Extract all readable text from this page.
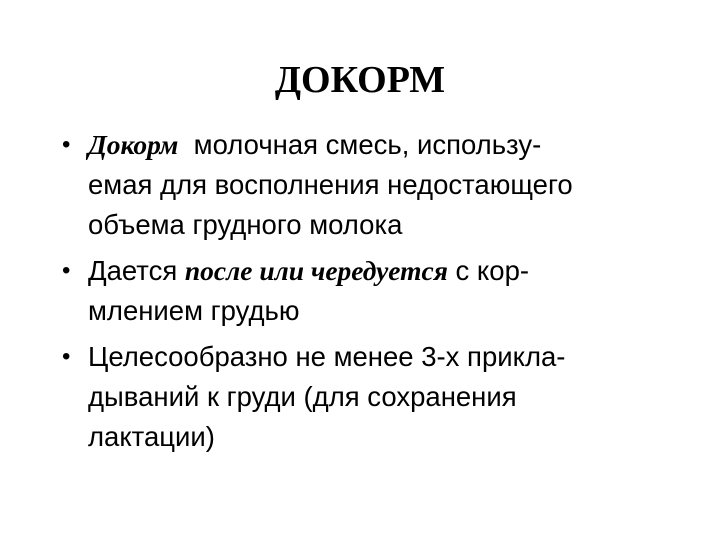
ДОКОРМ
• Докорм  молочная смесь, использу-емая для восполнения недостающего объема грудного молока
• Дается после или чередуется с кор-млением грудью
• Целесообразно не менее 3-х прикла-дываний к груди (для сохранения лактации)
